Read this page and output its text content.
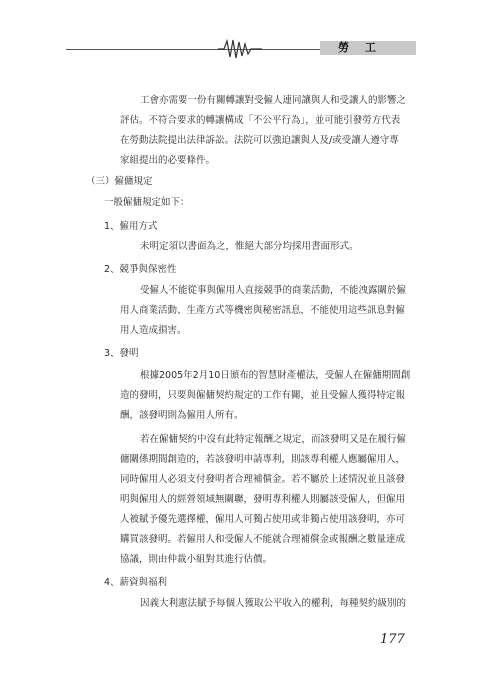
勞 工
工會亦需要一份有關轉讓對受僱人連同讓與人和受讓人的影響之
評估。不符合要求的轉讓構成「不公平行為」，並可能引發勞方代表
在勞動法院提出法律訴訟。法院可以強迫讓與人及/或受讓人遵守專
家組提出的必要條件。
（三）僱傭規定
一般僱傭規定如下：
1、僱用方式
未明定須以書面為之，惟絕大部分均採用書面形式。
2、競爭與保密性
受僱人不能從事與僱用人直接競爭的商業活動，不能洩露關於僱
用人商業活動、生產方式等機密與秘密訊息，不能使用這些訊息對僱
用人造成損害。
3、發明
根據2005年2月10日頒布的智慧財產權法，受僱人在僱傭期間創
造的發明，只要與僱傭契約規定的工作有關，並且受僱人獲得特定報
酬，該發明則為僱用人所有。
若在僱傭契約中沒有此特定報酬之規定，而該發明又是在履行僱
傭關係期間創造的，若該發明申請專利，則該專利權人應屬僱用人，
同時僱用人必須支付發明者合理補償金。若不屬於上述情況並且該發
明與僱用人的經營領域無關聯，發明專利權人則屬該受僱人，但僱用
人被賦予優先選擇權，僱用人可獨占使用或非獨占使用該發明，亦可
購買該發明。若僱用人和受僱人不能就合理補償金或報酬之數量達成
協議，則由仲裁小組對其進行估價。
4、薪資與福利
因義大利憲法賦予每個人獲取公平收入的權利，每種契約級別的
177
